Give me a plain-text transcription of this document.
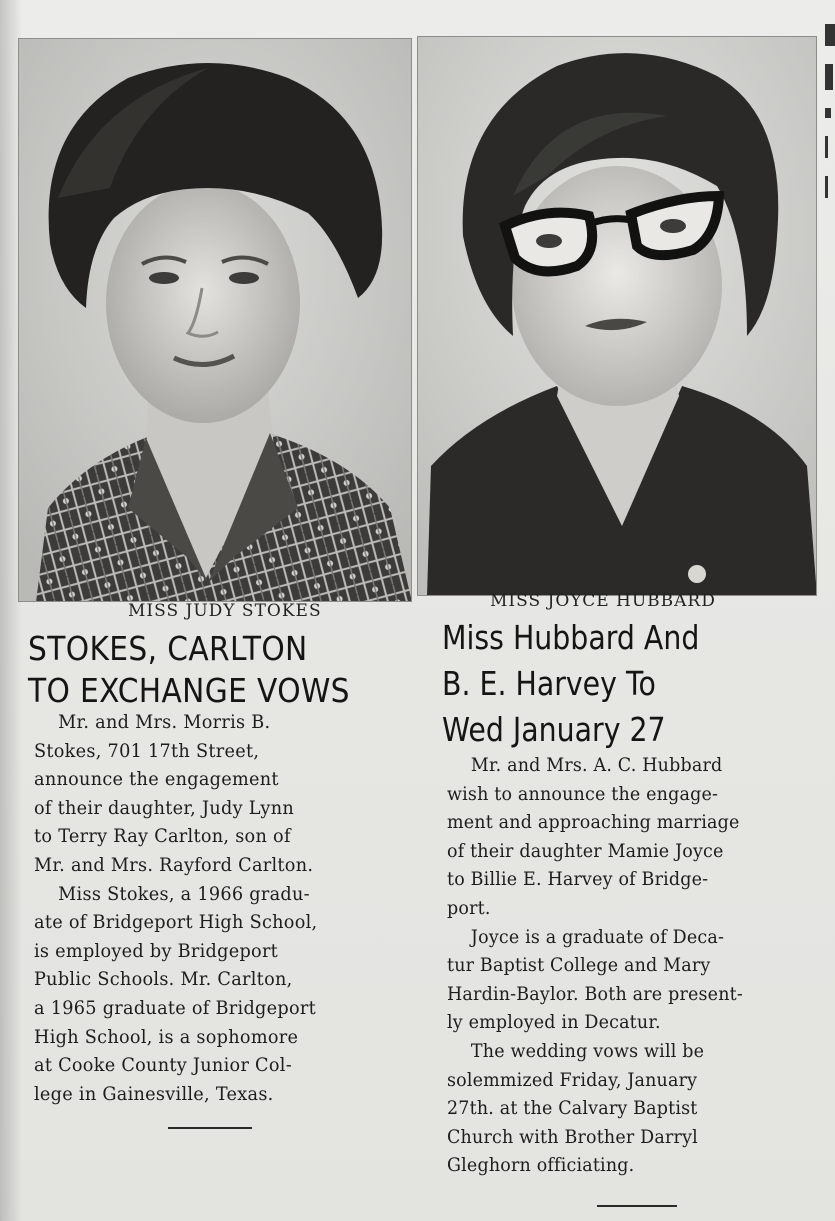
MISS JUDY STOKES	MISS JOYCE HUBBARD
STOKES, CARLTON
TO EXCHANGE VOWS
Miss Hubbard And
B. E. Harvey To
Wed January 27
Mr. and Mrs. Morris B.
Stokes, 701 17th Street,
announce the engagement
of their daughter, Judy Lynn
to Terry Ray Carlton, son of
Mr. and Mrs. Rayford Carlton.
Miss Stokes, a 1966 gradu-
ate of Bridgeport High School,
is employed by Bridgeport
Public Schools. Mr. Carlton,
a 1965 graduate of Bridgeport
High School, is a sophomore
at Cooke County Junior Col-
lege in Gainesville, Texas.
Mr. and Mrs. A. C. Hubbard
wish to announce the engage-
ment and approaching marriage
of their daughter Mamie Joyce
to Billie E. Harvey of Bridge-
port.
Joyce is a graduate of Deca-
tur Baptist College and Mary
Hardin-Baylor. Both are present-
ly employed in Decatur.
The wedding vows will be
solemmized Friday, January
27th. at the Calvary Baptist
Church with Brother Darryl
Gleghorn officiating.
